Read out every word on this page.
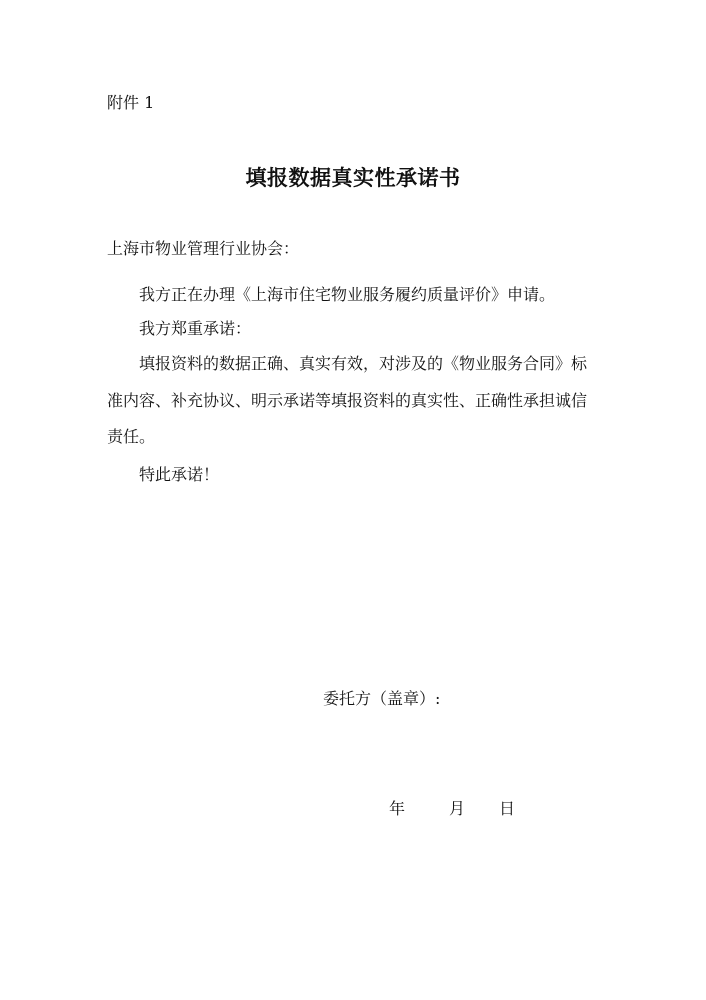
附件 1
填报数据真实性承诺书
上海市物业管理行业协会：
我方正在办理《上海市住宅物业服务履约质量评价》申请。
我方郑重承诺：
填报资料的数据正确、真实有效，对涉及的《物业服务合同》标
准内容、补充协议、明示承诺等填报资料的真实性、正确性承担诚信
责任。
特此承诺！
委托方（盖章）:
年	月 日
